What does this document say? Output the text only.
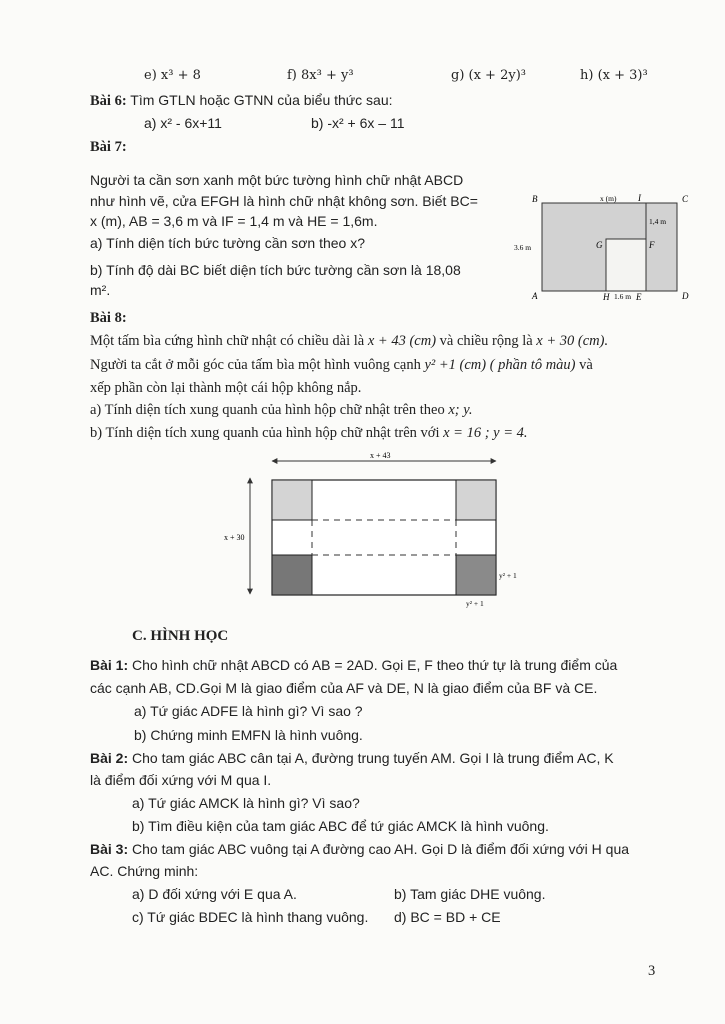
e) x³ + 8	f) 8x³ + y³	g) (x + 2y)³	h) (x + 3)³
Bài 6: Tìm GTLN hoặc GTNN của biểu thức sau:
a) x² - 6x+11	b) -x² + 6x – 11
Bài 7:
Người ta cần sơn xanh một bức tường hình chữ nhật ABCD
như hình vẽ, cửa EFGH là hình chữ nhật không sơn. Biết BC=
x (m), AB = 3,6 m và IF = 1,4 m và HE = 1,6m.
a) Tính diện tích bức tường cần sơn theo x?
b) Tính độ dài BC biết diện tích bức tường cần sơn là 18,08
m².
B	C
A	D
I
G	F
H	E
x (m)
3.6 m
1,4 m
1.6 m
Bài 8:
Một tấm bìa cứng hình chữ nhật có chiều dài là x + 43 (cm) và chiều rộng là x + 30 (cm).
Người ta cắt ở mỗi góc của tấm bìa một hình vuông cạnh y² +1 (cm) ( phần tô màu) và
xếp phần còn lại thành một cái hộp không nắp.
a) Tính diện tích xung quanh của hình hộp chữ nhật trên theo x; y.
b) Tính diện tích xung quanh của hình hộp chữ nhật trên với x = 16 ; y = 4.
x + 43
x + 30
y² + 1
y² + 1
C. HÌNH HỌC
Bài 1: Cho hình chữ nhật ABCD có AB = 2AD. Gọi E, F theo thứ tự là trung điểm của
các cạnh AB, CD.Gọi M là giao điểm của AF và DE, N là giao điểm của BF và CE.
a) Tứ giác ADFE là hình gì? Vì sao ?
b) Chứng minh EMFN là hình vuông.
Bài 2: Cho tam giác ABC cân tại A, đường trung tuyến AM. Gọi I là trung điểm AC, K
là điểm đối xứng với M qua I.
a) Tứ giác AMCK là hình gì? Vì sao?
b) Tìm điều kiện của tam giác ABC để tứ giác AMCK là hình vuông.
Bài 3: Cho tam giác ABC vuông tại A đường cao AH. Gọi D là điểm đối xứng với H qua
AC. Chứng minh:
a) D đối xứng với E qua A.	b) Tam giác DHE vuông.
c) Tứ giác BDEC là hình thang vuông. d) BC = BD + CE
3
